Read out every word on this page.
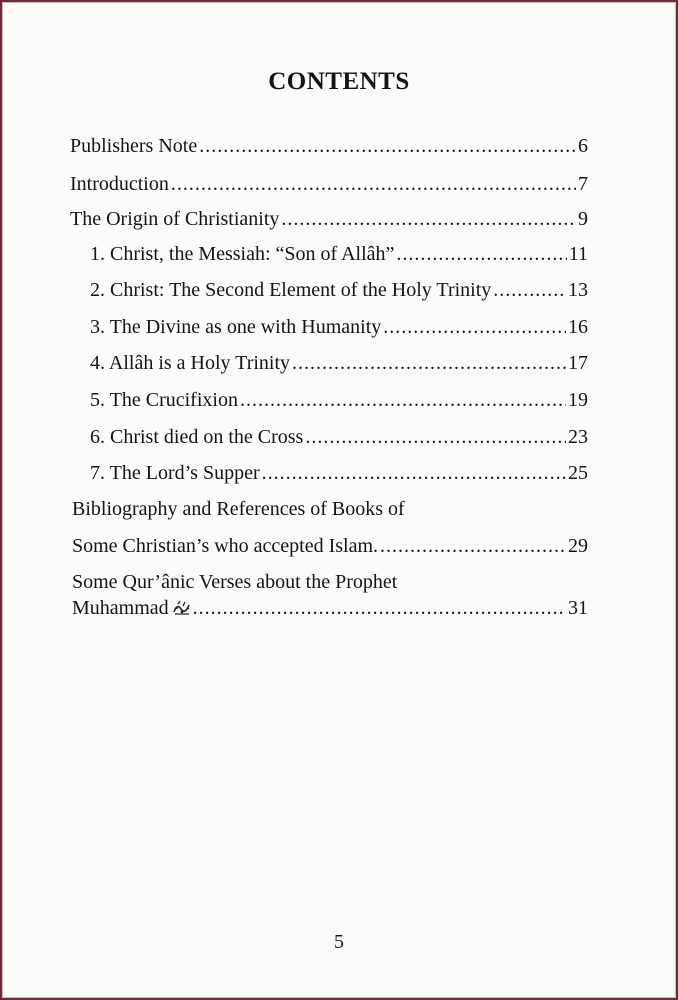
CONTENTS
Publishers Note .....	6
Introduction .....	7
The Origin of Christianity .....	9
1. Christ, the Messiah: “Son of Allâh” .....	11
2. Christ: The Second Element of the Holy Trinity .....	13
3. The Divine as one with Humanity .....	16
4. Allâh is a Holy Trinity .....	17
5. The Crucifixion .....	19
6. Christ died on the Cross .....	23
7. The Lord’s Supper .....	25
Bibliography and References of Books of
Some Christian’s who accepted Islam. .....	29
Some Qur’ânic Verses about the Prophet
Muhammad .....	31
5
